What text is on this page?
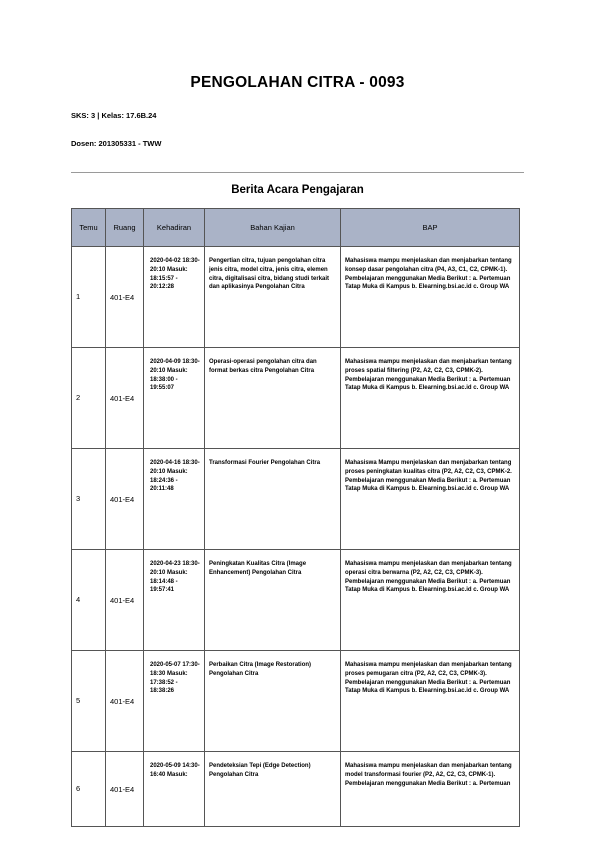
PENGOLAHAN CITRA - 0093
SKS: 3 | Kelas: 17.6B.24
Dosen: 201305331 - TWW
Berita Acara Pengajaran
Temu	Ruang	Kehadiran	Bahan Kajian	BAP
1	401-E4	2020-04-02 18:30-20:10 Masuk: 18:15:57 - 20:12:28	Pengertian citra, tujuan pengolahan citra jenis citra, model citra, jenis citra, elemen citra, digitalisasi citra, bidang studi terkait dan aplikasinya Pengolahan Citra	Mahasiswa mampu menjelaskan dan menjabarkan tentang konsep dasar pengolahan citra (P4, A3, C1, C2, CPMK-1). Pembelajaran menggunakan Media Berikut : a. Pertemuan Tatap Muka di Kampus b. Elearning.bsi.ac.id c. Group WA
2	401-E4	2020-04-09 18:30-20:10 Masuk: 18:38:00 - 19:55:07	Operasi-operasi pengolahan citra dan format berkas citra Pengolahan Citra	Mahasiswa mampu menjelaskan dan menjabarkan tentang proses spatial filtering (P2, A2, C2, C3, CPMK-2). Pembelajaran menggunakan Media Berikut : a. Pertemuan Tatap Muka di Kampus b. Elearning.bsi.ac.id c. Group WA
3	401-E4	2020-04-16 18:30-20:10 Masuk: 18:24:36 - 20:11:48	Transformasi Fourier Pengolahan Citra	Mahasiswa Mampu menjelaskan dan menjabarkan tentang proses peningkatan kualitas citra (P2, A2, C2, C3, CPMK-2. Pembelajaran menggunakan Media Berikut : a. Pertemuan Tatap Muka di Kampus b. Elearning.bsi.ac.id c. Group WA
4	401-E4	2020-04-23 18:30-20:10 Masuk: 18:14:48 - 19:57:41	Peningkatan Kualitas Citra (Image Enhancement) Pengolahan Citra	Mahasiswa mampu menjelaskan dan menjabarkan tentang operasi citra berwarna (P2, A2, C2, C3, CPMK-3). Pembelajaran menggunakan Media Berikut : a. Pertemuan Tatap Muka di Kampus b. Elearning.bsi.ac.id c. Group WA
5	401-E4	2020-05-07 17:30-18:30 Masuk: 17:38:52 - 18:38:26	Perbaikan Citra (Image Restoration) Pengolahan Citra	Mahasiswa mampu menjelaskan dan menjabarkan tentang proses pemugaran citra (P2, A2, C2, C3, CPMK-3). Pembelajaran menggunakan Media Berikut : a. Pertemuan Tatap Muka di Kampus b. Elearning.bsi.ac.id c. Group WA
6	401-E4	2020-05-09 14:30-16:40 Masuk:	Pendeteksian Tepi (Edge Detection) Pengolahan Citra	Mahasiswa mampu menjelaskan dan menjabarkan tentang model transformasi fourier (P2, A2, C2, C3, CPMK-1). Pembelajaran menggunakan Media Berikut : a. Pertemuan
